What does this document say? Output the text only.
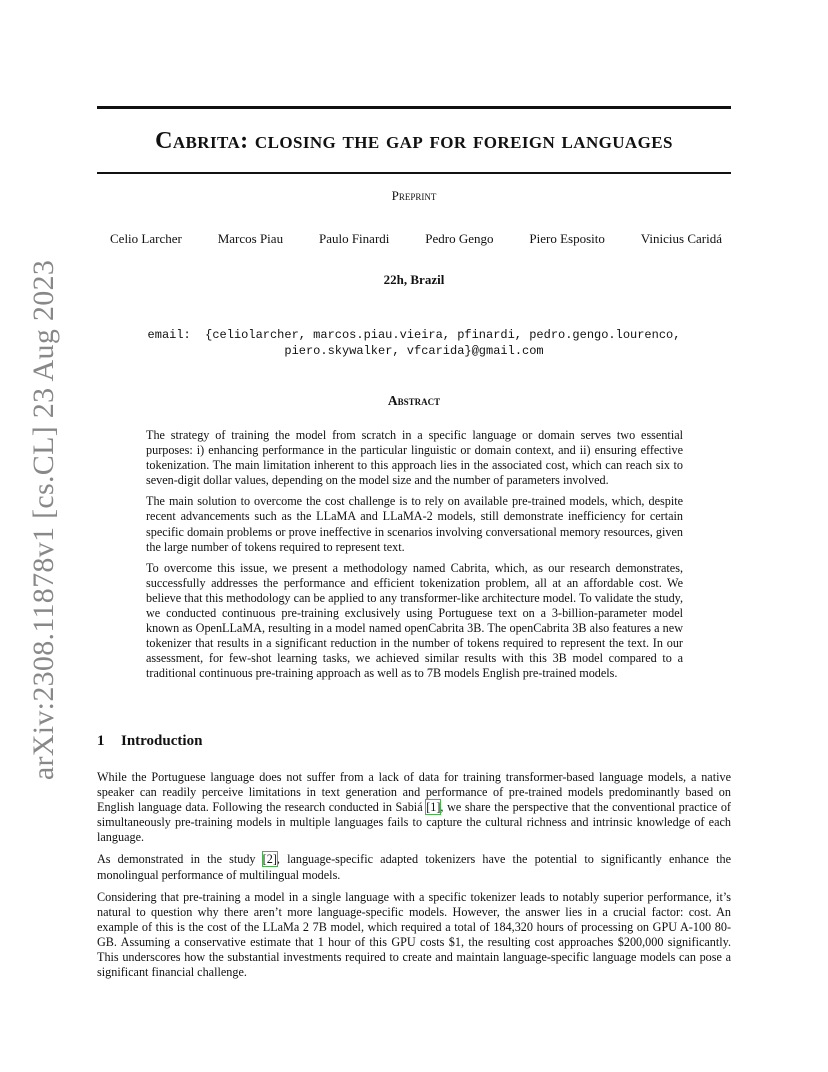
arXiv:2308.11878v1 [cs.CL] 23 Aug 2023
Cabrita: closing the gap for foreign languages
Preprint
Celio Larcher	Marcos Piau	Paulo Finardi	Pedro Gengo	Piero Esposito	Vinicius Caridá
22h, Brazil
email:  {celiolarcher, marcos.piau.vieira, pfinardi, pedro.gengo.lourenco,
piero.skywalker, vfcarida}@gmail.com
Abstract

The strategy of training the model from scratch in a specific language or domain serves two essential purposes: i) enhancing performance in the particular linguistic or domain context, and ii) ensuring effective tokenization. The main limitation inherent to this approach lies in the associated cost, which can reach six to seven-digit dollar values, depending on the model size and the number of parameters involved.

The main solution to overcome the cost challenge is to rely on available pre-trained models, which, despite recent advancements such as the LLaMA and LLaMA-2 models, still demonstrate inefficiency for certain specific domain problems or prove ineffective in scenarios involving conversational memory resources, given the large number of tokens required to represent text.

To overcome this issue, we present a methodology named Cabrita, which, as our research demonstrates, successfully addresses the performance and efficient tokenization problem, all at an affordable cost. We believe that this methodology can be applied to any transformer-like architecture model. To validate the study, we conducted continuous pre-training exclusively using Portuguese text on a 3-billion-parameter model known as OpenLLaMA, resulting in a model named openCabrita 3B. The openCabrita 3B also features a new tokenizer that results in a significant reduction in the number of tokens required to represent the text. In our assessment, for few-shot learning tasks, we achieved similar results with this 3B model compared to a traditional continuous pre-training approach as well as to 7B models English pre-trained models.

1	Introduction

While the Portuguese language does not suffer from a lack of data for training transformer-based language models, a native speaker can readily perceive limitations in text generation and performance of pre-trained models predominantly based on English language data. Following the research conducted in Sabiá [1], we share the perspective that the conventional practice of simultaneously pre-training models in multiple languages fails to capture the cultural richness and intrinsic knowledge of each language.

As demonstrated in the study [2], language-specific adapted tokenizers have the potential to significantly enhance the monolingual performance of multilingual models.

Considering that pre-training a model in a single language with a specific tokenizer leads to notably superior performance, it’s natural to question why there aren’t more language-specific models. However, the answer lies in a crucial factor: cost. An example of this is the cost of the LLaMa 2 7B model, which required a total of 184,320 hours of processing on GPU A-100 80-GB. Assuming a conservative estimate that 1 hour of this GPU costs $1, the resulting cost approaches $200,000 significantly. This underscores how the substantial investments required to create and maintain language-specific language models can pose a significant financial challenge.
